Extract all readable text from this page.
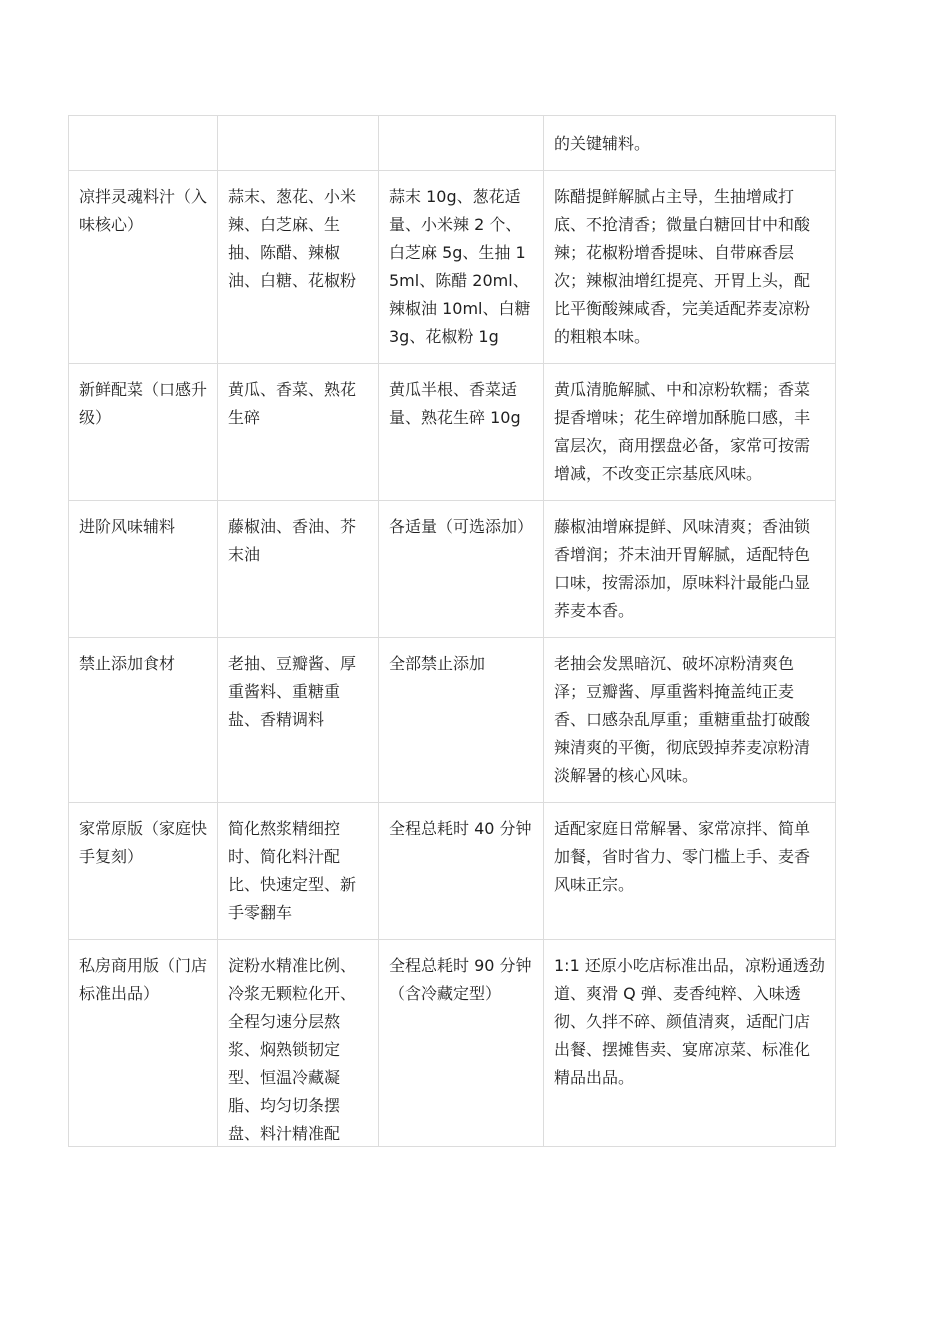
			的关键辅料。
凉拌灵魂料汁（入味核心）	蒜末、葱花、小米辣、白芝麻、生抽、陈醋、辣椒油、白糖、花椒粉	蒜末 10g、葱花适量、小米辣 2 个、白芝麻 5g、生抽 15ml、陈醋 20ml、辣椒油 10ml、白糖 3g、花椒粉 1g	陈醋提鲜解腻占主导，生抽增咸打底、不抢清香；微量白糖回甘中和酸辣；花椒粉增香提味、自带麻香层次；辣椒油增红提亮、开胃上头，配比平衡酸辣咸香，完美适配荞麦凉粉的粗粮本味。
新鲜配菜（口感升级）	黄瓜、香菜、熟花生碎	黄瓜半根、香菜适量、熟花生碎 10g	黄瓜清脆解腻、中和凉粉软糯；香菜提香增味；花生碎增加酥脆口感，丰富层次，商用摆盘必备，家常可按需增减，不改变正宗基底风味。
进阶风味辅料	藤椒油、香油、芥末油	各适量（可选添加）	藤椒油增麻提鲜、风味清爽；香油锁香增润；芥末油开胃解腻，适配特色口味，按需添加，原味料汁最能凸显荞麦本香。
禁止添加食材	老抽、豆瓣酱、厚重酱料、重糖重盐、香精调料	全部禁止添加	老抽会发黑暗沉、破坏凉粉清爽色泽；豆瓣酱、厚重酱料掩盖纯正麦香、口感杂乱厚重；重糖重盐打破酸辣清爽的平衡，彻底毁掉荞麦凉粉清淡解暑的核心风味。
家常原版（家庭快手复刻）	简化熬浆精细控时、简化料汁配比、快速定型、新手零翻车	全程总耗时 40 分钟	适配家庭日常解暑、家常凉拌、简单加餐，省时省力、零门槛上手、麦香风味正宗。

私房商用版（门店标准出品）	淀粉水精准比例、冷浆无颗粒化开、全程匀速分层熬浆、焖熟锁韧定型、恒温冷藏凝脂、均匀切条摆盘、料汁精准配	全程总耗时 90 分钟（含冷藏定型）	1:1 还原小吃店标准出品，凉粉通透劲道、爽滑 Q 弹、麦香纯粹、入味透彻、久拌不碎、颜值清爽，适配门店出餐、摆摊售卖、宴席凉菜、标准化精品出品。
